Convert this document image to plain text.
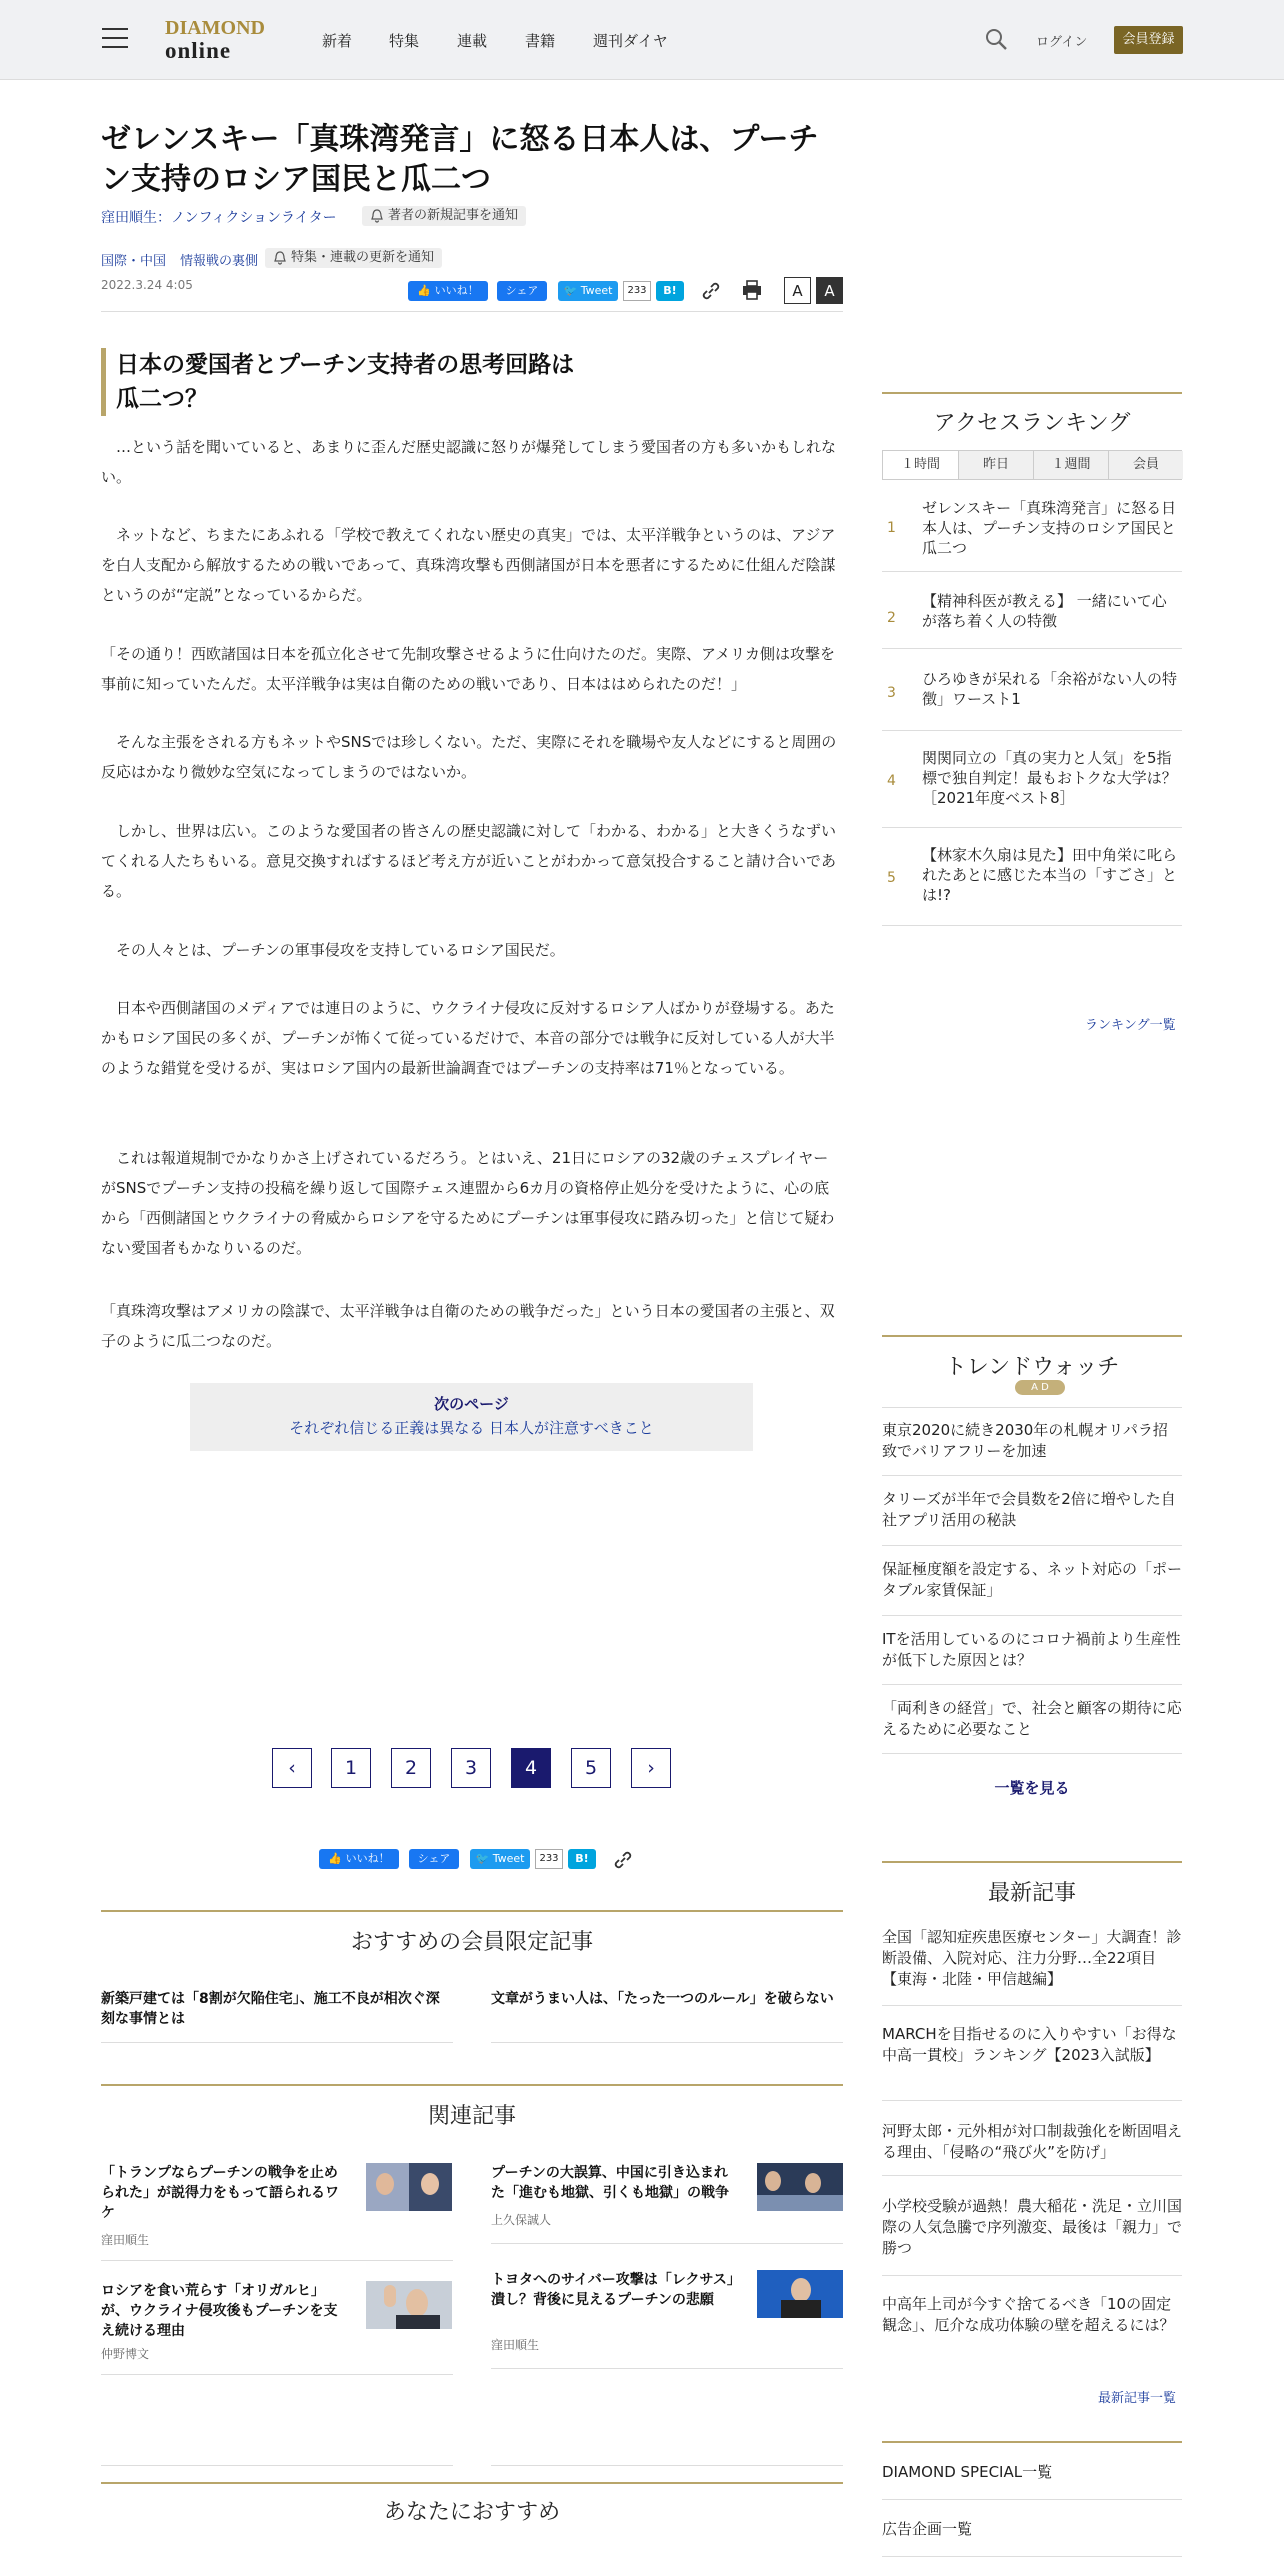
DIAMOND
online	新着 特集	連載	書籍	週刊ダイヤ	ログイン	会員登録
ゼレンスキー「真珠湾発言」に怒る日本人は、プーチン支持のロシア国民と瓜二つ
窪田順生：ノンフィクションライター	著者の新規記事を通知
国際・中国 情報戦の裏側	特集・連載の更新を通知
2022.3.24 4:05	👍 いいね！	シェア	🐦 Tweet	233	B!	A	A
日本の愛国者とプーチン支持者の思考回路は瓜二つ？

…という話を聞いていると、あまりに歪んだ歴史認識に怒りが爆発してしまう愛国者の方も多いかもしれない。

ネットなど、ちまたにあふれる「学校で教えてくれない歴史の真実」では、太平洋戦争というのは、アジアを白人支配から解放するための戦いであって、真珠湾攻撃も西側諸国が日本を悪者にするために仕組んだ陰謀というのが“定説”となっているからだ。

「その通り！西欧諸国は日本を孤立化させて先制攻撃させるように仕向けたのだ。実際、アメリカ側は攻撃を事前に知っていたんだ。太平洋戦争は実は自衛のための戦いであり、日本ははめられたのだ！」

そんな主張をされる方もネットやSNSでは珍しくない。ただ、実際にそれを職場や友人などにすると周囲の反応はかなり微妙な空気になってしまうのではないか。

しかし、世界は広い。このような愛国者の皆さんの歴史認識に対して「わかる、わかる」と大きくうなずいてくれる人たちもいる。意見交換すればするほど考え方が近いことがわかって意気投合すること請け合いである。

その人々とは、プーチンの軍事侵攻を支持しているロシア国民だ。

日本や西側諸国のメディアでは連日のように、ウクライナ侵攻に反対するロシア人ばかりが登場する。あたかもロシア国民の多くが、プーチンが怖くて従っているだけで、本音の部分では戦争に反対している人が大半のような錯覚を受けるが、実はロシア国内の最新世論調査ではプーチンの支持率は71％となっている。

これは報道規制でかなりかさ上げされているだろう。とはいえ、21日にロシアの32歳のチェスプレイヤーがSNSでプーチン支持の投稿を繰り返して国際チェス連盟から6カ月の資格停止処分を受けたように、心の底から「西側諸国とウクライナの脅威からロシアを守るためにプーチンは軍事侵攻に踏み切った」と信じて疑わない愛国者もかなりいるのだ。

「真珠湾攻撃はアメリカの陰謀で、太平洋戦争は自衛のための戦争だった」という日本の愛国者の主張と、双子のように瓜二つなのだ。

次のページ
それぞれ信じる正義は異なる 日本人が注意すべきこと
‹	1	2	3	4	5	›
👍 いいね！	シェア	🐦 Tweet	233	B!
おすすめの会員限定記事
新築戸建ては「8割が欠陥住宅」、施工不良が相次ぐ深刻な事情とは
文章がうまい人は、「たった一つのルール」を破らない
関連記事
「トランプならプーチンの戦争を止められた」が説得力をもって語られるワケ
窪田順生
プーチンの大誤算、中国に引き込まれた「進むも地獄、引くも地獄」の戦争
上久保誠人
ロシアを食い荒らす「オリガルヒ」が、ウクライナ侵攻後もプーチンを支え続ける理由
仲野博文
トヨタへのサイバー攻撃は「レクサス」潰し？背後に見えるプーチンの悲願
窪田順生
あなたにおすすめ
アクセスランキング
１時間	昨日	１週間	会員
1
ゼレンスキー「真珠湾発言」に怒る日本人は、プーチン支持のロシア国民と瓜二つ
2
【精神科医が教える】 一緒にいて心が落ち着く人の特徴
3
ひろゆきが呆れる「余裕がない人の特徴」ワースト1
4
関関同立の「真の実力と人気」を5指標で独自判定！最もおトクな大学は？［2021年度ベスト8］
5
【林家木久扇は見た】田中角栄に叱られたあとに感じた本当の「すごさ」とは!?
ランキング一覧
トレンドウォッチ
A D
東京2020に続き2030年の札幌オリパラ招致でバリアフリーを加速
タリーズが半年で会員数を2倍に増やした自社アプリ活用の秘訣
保証極度額を設定する、ネット対応の「ポータブル家賃保証」
ITを活用しているのにコロナ禍前より生産性が低下した原因とは？
「両利きの経営」で、社会と顧客の期待に応えるために必要なこと
一覧を見る
最新記事
全国「認知症疾患医療センター」大調査！診断設備、入院対応、注力分野…全22項目【東海・北陸・甲信越編】
MARCHを目指せるのに入りやすい「お得な中高一貫校」ランキング【2023入試版】
河野太郎・元外相が対口制裁強化を断固唱える理由、「侵略の“飛び火”を防げ」
小学校受験が過熱！農大稲花・洗足・立川国際の人気急騰で序列激変、最後は「親力」で勝つ
中高年上司が今すぐ捨てるべき「10の固定観念」、厄介な成功体験の壁を超えるには？
最新記事一覧
DIAMOND SPECIAL一覧
広告企画一覧
